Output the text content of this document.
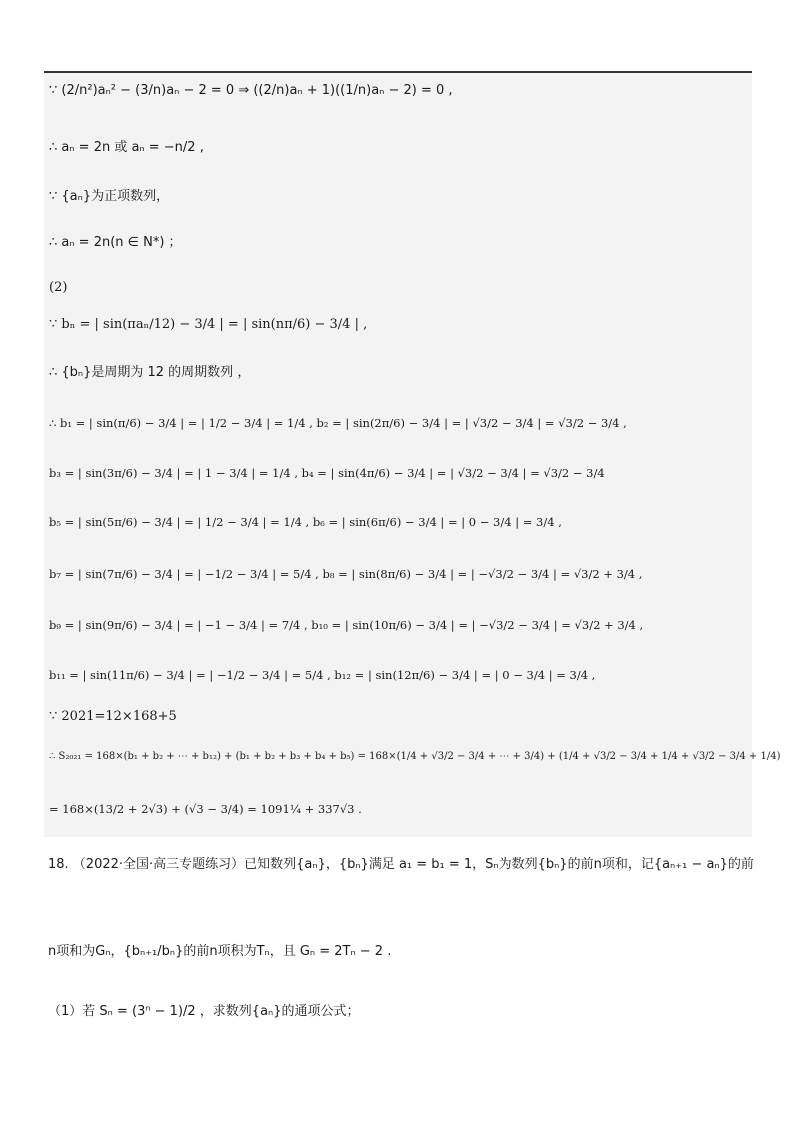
∵ (2/n²)aₙ² − (3/n)aₙ − 2 = 0 ⇒ ((2/n)aₙ + 1)((1/n)aₙ − 2) = 0 ,
∴ aₙ = 2n 或 aₙ = −n/2 ,
∵ {aₙ}为正项数列，
∴ aₙ = 2n(n ∈ N*) ；
(2)
∵ bₙ = | sin(πaₙ/12) − 3/4 | = | sin(nπ/6) − 3/4 | ,
∴ {bₙ}是周期为 12 的周期数列 ，
∴ b₁ = | sin(π/6) − 3/4 | = | 1/2 − 3/4 | = 1/4 , b₂ = | sin(2π/6) − 3/4 | = | √3/2 − 3/4 | = √3/2 − 3/4 ,
b₃ = | sin(3π/6) − 3/4 | = | 1 − 3/4 | = 1/4 , b₄ = | sin(4π/6) − 3/4 | = | √3/2 − 3/4 | = √3/2 − 3/4
b₅ = | sin(5π/6) − 3/4 | = | 1/2 − 3/4 | = 1/4 , b₆ = | sin(6π/6) − 3/4 | = | 0 − 3/4 | = 3/4 ,
b₇ = | sin(7π/6) − 3/4 | = | −1/2 − 3/4 | = 5/4 , b₈ = | sin(8π/6) − 3/4 | = | −√3/2 − 3/4 | = √3/2 + 3/4 ,
b₉ = | sin(9π/6) − 3/4 | = | −1 − 3/4 | = 7/4 , b₁₀ = | sin(10π/6) − 3/4 | = | −√3/2 − 3/4 | = √3/2 + 3/4 ,
b₁₁ = | sin(11π/6) − 3/4 | = | −1/2 − 3/4 | = 5/4 , b₁₂ = | sin(12π/6) − 3/4 | = | 0 − 3/4 | = 3/4 ,
∵ 2021=12×168+5
∴ S₂₀₂₁ = 168×(b₁ + b₂ + ⋯ + b₁₂) + (b₁ + b₂ + b₃ + b₄ + b₅) = 168×(1/4 + √3/2 − 3/4 + ⋯ + 3/4) + (1/4 + √3/2 − 3/4 + 1/4 + √3/2 − 3/4 + 1/4)
= 168×(13/2 + 2√3) + (√3 − 3/4) = 1091¼ + 337√3 .
18. （2022·全国·高三专题练习）已知数列{aₙ}，{bₙ}满足 a₁ = b₁ = 1，Sₙ为数列{bₙ}的前n项和，记{aₙ₊₁ − aₙ}的前
n项和为Gₙ，{bₙ₊₁/bₙ}的前n项积为Tₙ，且 Gₙ = 2Tₙ − 2 .
（1）若 Sₙ = (3ⁿ − 1)/2 ，求数列{aₙ}的通项公式；
